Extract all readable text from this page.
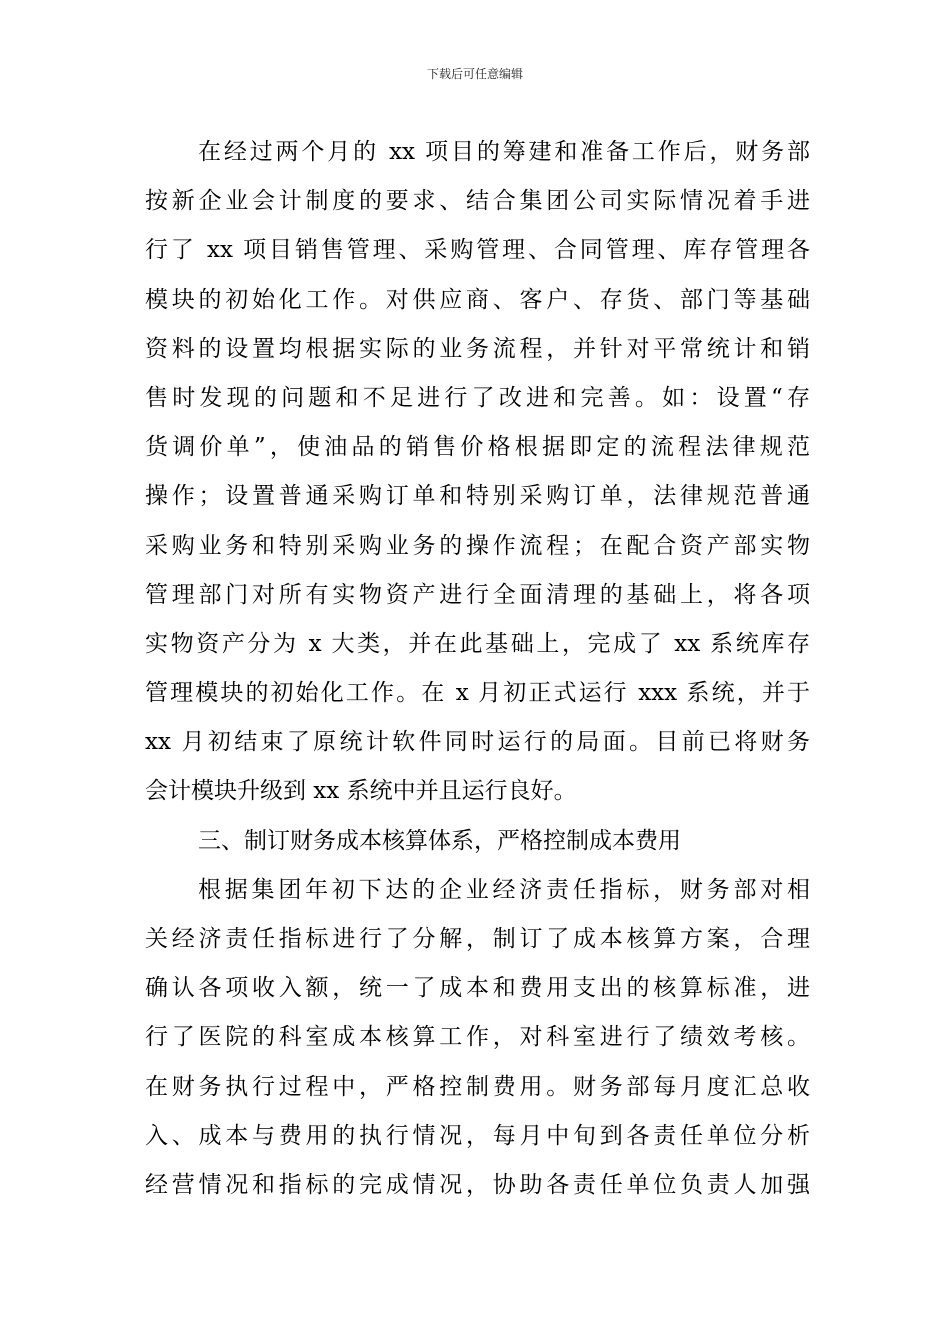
下载后可任意编辑
在经过两个月的 xx 项目的筹建和准备工作后，财务部
按新企业会计制度的要求、结合集团公司实际情况着手进
行了 xx 项目销售管理、采购管理、合同管理、库存管理各
模块的初始化工作。对供应商、客户、存货、部门等基础
资料的设置均根据实际的业务流程，并针对平常统计和销
售时发现的问题和不足进行了改进和完善。如：设置“存
货调价单”，使油品的销售价格根据即定的流程法律规范
操作；设置普通采购订单和特别采购订单，法律规范普通
采购业务和特别采购业务的操作流程；在配合资产部实物
管理部门对所有实物资产进行全面清理的基础上，将各项
实物资产分为 x 大类，并在此基础上，完成了 xx 系统库存
管理模块的初始化工作。在 x 月初正式运行 xxx 系统，并于
xx 月初结束了原统计软件同时运行的局面。目前已将财务
会计模块升级到 xx 系统中并且运行良好。
三、制订财务成本核算体系，严格控制成本费用
根据集团年初下达的企业经济责任指标，财务部对相
关经济责任指标进行了分解，制订了成本核算方案，合理
确认各项收入额，统一了成本和费用支出的核算标准，进
行了医院的科室成本核算工作，对科室进行了绩效考核。
在财务执行过程中，严格控制费用。财务部每月度汇总收
入、成本与费用的执行情况，每月中旬到各责任单位分析
经营情况和指标的完成情况，协助各责任单位负责人加强
